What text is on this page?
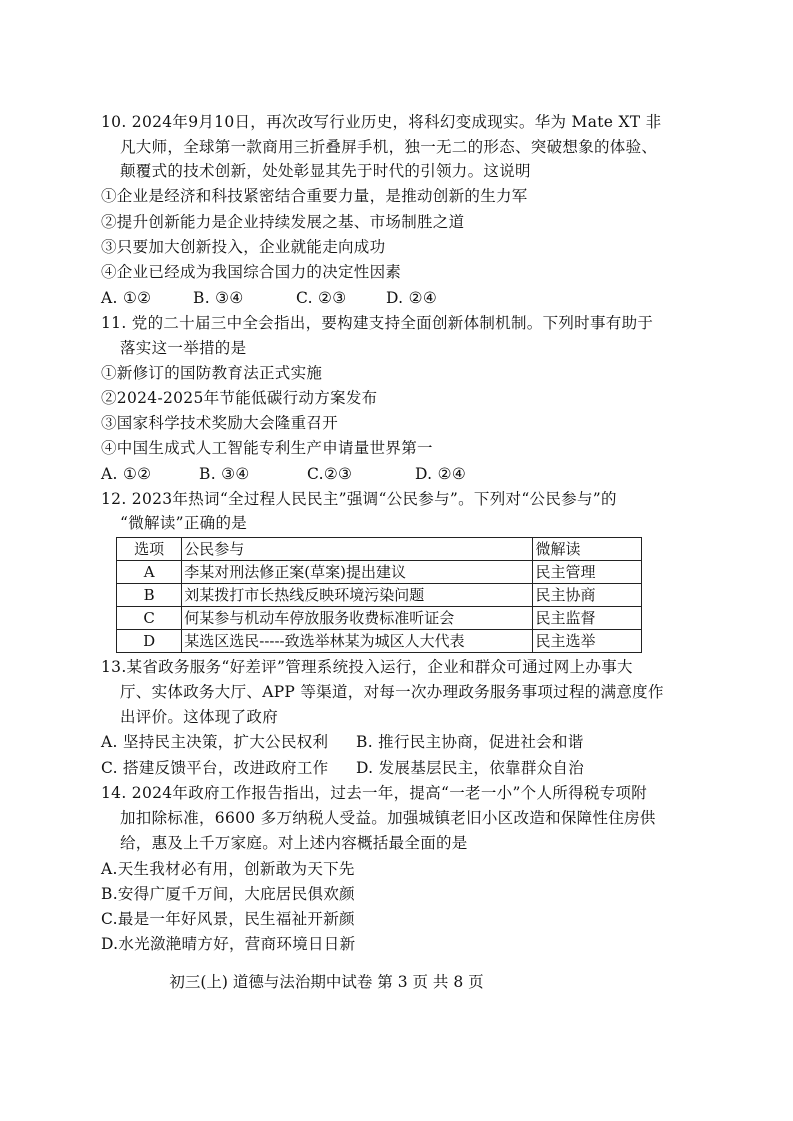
10. 2024年9月10日，再次改写行业历史，将科幻变成现实。华为 Mate XT 非
凡大师，全球第一款商用三折叠屏手机，独一无二的形态、突破想象的体验、
颠覆式的技术创新，处处彰显其先于时代的引领力。这说明
①企业是经济和科技紧密结合重要力量，是推动创新的生力军
②提升创新能力是企业持续发展之基、市场制胜之道
③只要加大创新投入，企业就能走向成功
④企业已经成为我国综合国力的决定性因素
A. ①②	B. ③④	C. ②③	D. ②④
11. 党的二十届三中全会指出，要构建支持全面创新体制机制。下列时事有助于
落实这一举措的是
①新修订的国防教育法正式实施
②2024-2025年节能低碳行动方案发布
③国家科学技术奖励大会隆重召开
④中国生成式人工智能专利生产申请量世界第一
A. ①②	B. ③④	C.②③	D. ②④
12. 2023年热词“全过程人民民主”强调“公民参与”。下列对“公民参与”的
“微解读”正确的是
选项	公民参与	微解读
A	李某对刑法修正案(草案)提出建议	民主管理
B	刘某拨打市长热线反映环境污染问题	民主协商
C	何某参与机动车停放服务收费标准听证会	民主监督
D	某选区选民-----致选举林某为城区人大代表	民主选举
13.某省政务服务“好差评”管理系统投入运行，企业和群众可通过网上办事大
厅、实体政务大厅、APP 等渠道，对每一次办理政务服务事项过程的满意度作
出评价。这体现了政府
A. 坚持民主决策，扩大公民权利 B. 推行民主协商，促进社会和谐
C. 搭建反馈平台，改进政府工作 D. 发展基层民主，依靠群众自治
14. 2024年政府工作报告指出，过去一年，提高“一老一小”个人所得税专项附
加扣除标准，6600 多万纳税人受益。加强城镇老旧小区改造和保障性住房供
给，惠及上千万家庭。对上述内容概括最全面的是
A.天生我材必有用，创新敢为天下先
B.安得广厦千万间，大庇居民俱欢颜
C.最是一年好风景，民生福祉开新颜
D.水光潋滟晴方好，营商环境日日新
初三(上) 道德与法治期中试卷 第 3 页 共 8 页
